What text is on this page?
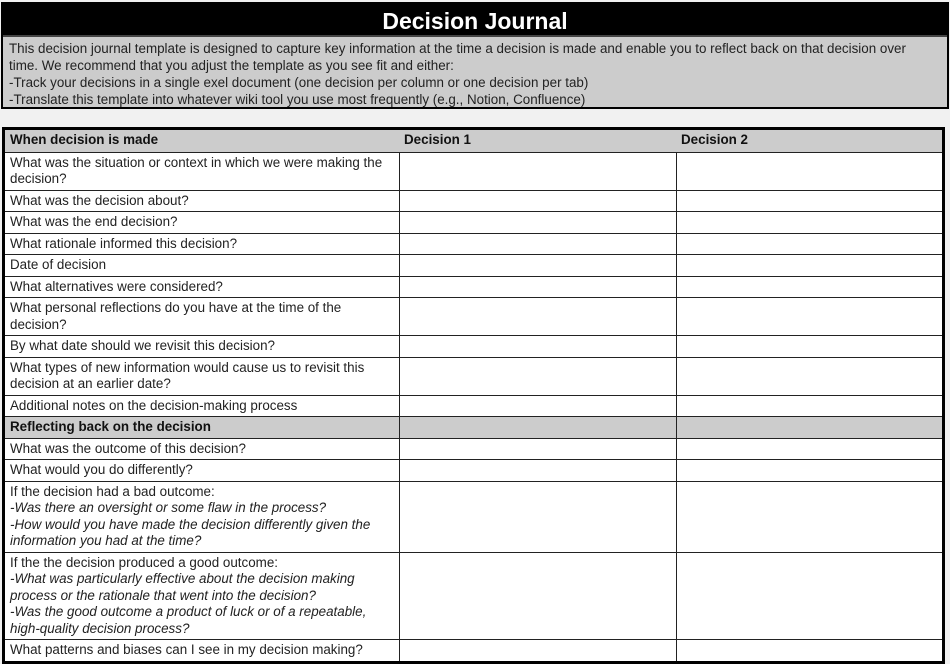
Decision Journal
This decision journal template is designed to capture key information at the time a decision is made and enable you to reflect back on that decision over
time. We recommend that you adjust the template as you see fit and either:
-Track your decisions in a single exel document (one decision per column or one decision per tab)
-Translate this template into whatever wiki tool you use most frequently (e.g., Notion, Confluence)
When decision is made	Decision 1	Decision 2
What was the situation or context in which we were making the decision?		
What was the decision about?		
What was the end decision?		
What rationale informed this decision?		
Date of decision		
What alternatives were considered?		
What personal reflections do you have at the time of the decision?		
By what date should we revisit this decision?		
What types of new information would cause us to revisit this decision at an earlier date?		
Additional notes on the decision-making process		
Reflecting back on the decision		
What was the outcome of this decision?		
What would you do differently?		

If the decision had a bad outcome:
-Was there an oversight or some flaw in the process?
-How would you have made the decision differently given the information you had at the time?		

If the the decision produced a good outcome:
-What was particularly effective about the decision making process or the rationale that went into the decision?
-Was the good outcome a product of luck or of a repeatable, high-quality decision process?		

What patterns and biases can I see in my decision making?		
